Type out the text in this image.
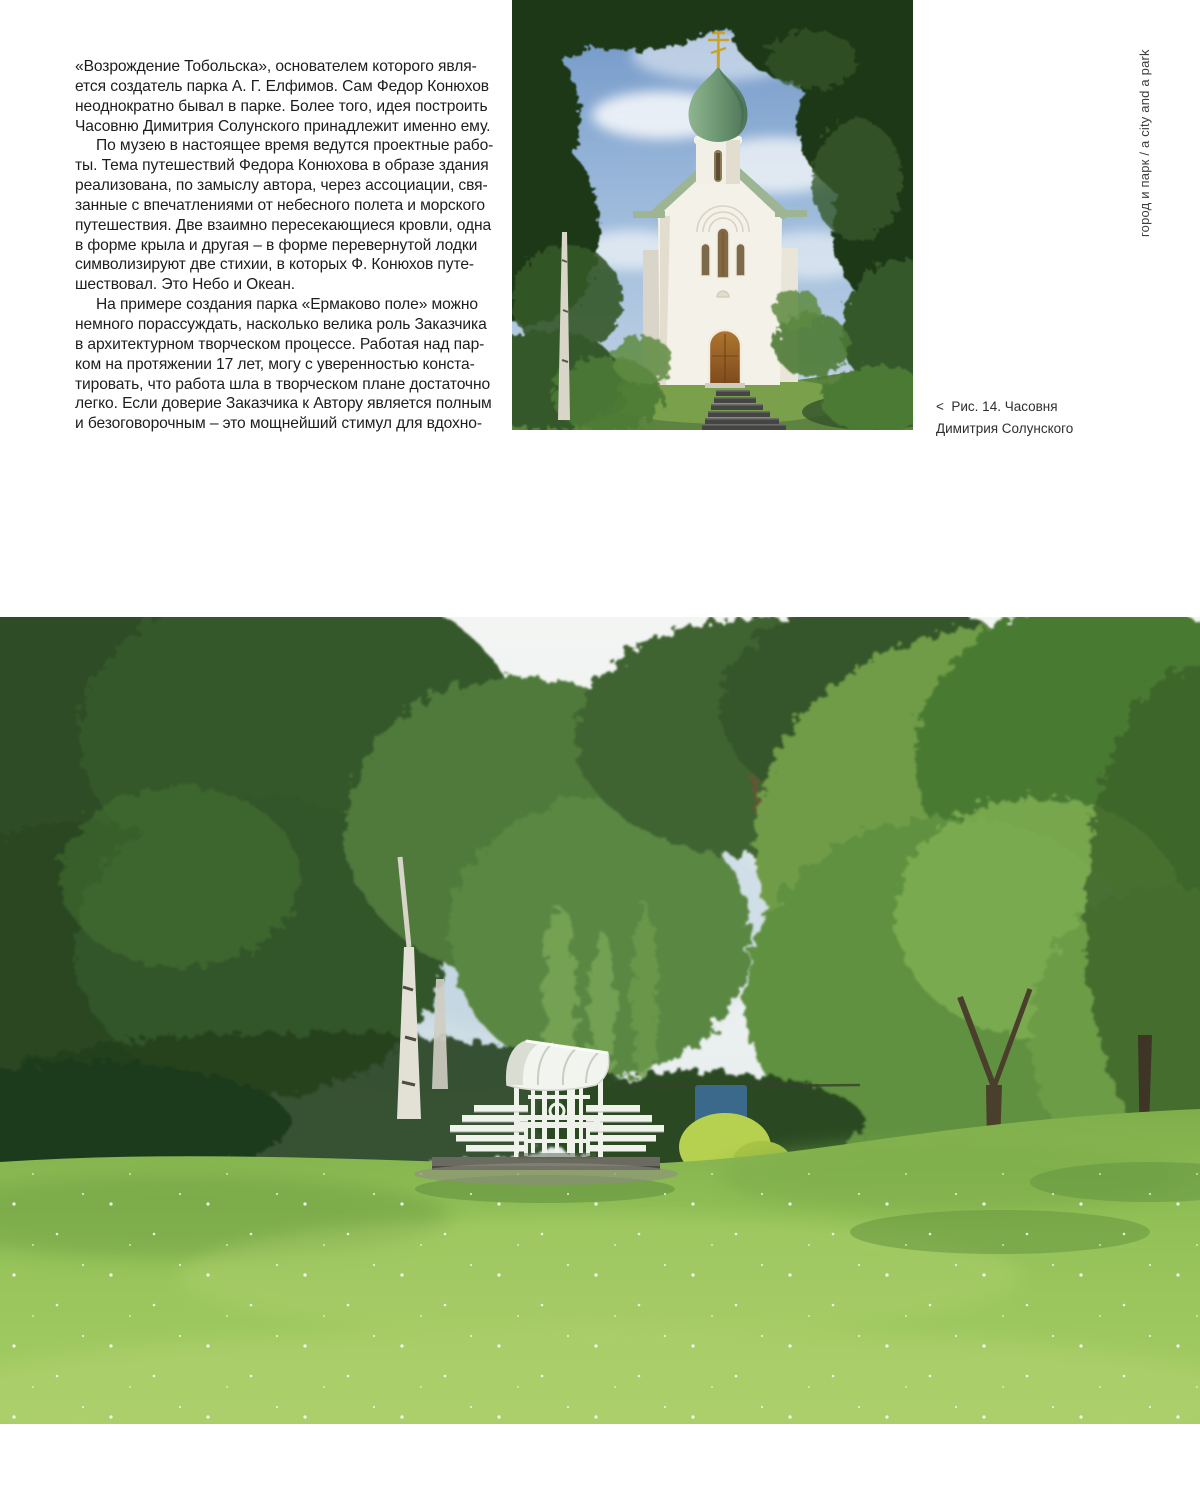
«Возрождение Тобольска», основателем которого явля-
ется создатель парка А. Г. Елфимов. Сам Федор Конюхов
неоднократно бывал в парке. Более того, идея построить
Часовню Димитрия Солунского принадлежит именно ему.

По музею в настоящее время ведутся проектные рабо-
ты. Тема путешествий Федора Конюхова в образе здания
реализована, по замыслу автора, через ассоциации, свя-
занные с впечатлениями от небесного полета и морского
путешествия. Две взаимно пересекающиеся кровли, одна
в форме крыла и другая – в форме перевернутой лодки
символизируют две стихии, в которых Ф. Конюхов путе-
шествовал. Это Небо и Океан.

На примере создания парка «Ермаково поле» можно
немного порассуждать, насколько велика роль Заказчика
в архитектурном творческом процессе. Работая над пар-
ком на протяжении 17 лет, могу с уверенностью конста-
тировать, что работа шла в творческом плане достаточно
легко. Если доверие Заказчика к Автору является полным
и безоговорочным – это мощнейший стимул для вдохно-

<  Рис. 14. Часовня
Димитрия Солунского
город и парк / a city and a park
